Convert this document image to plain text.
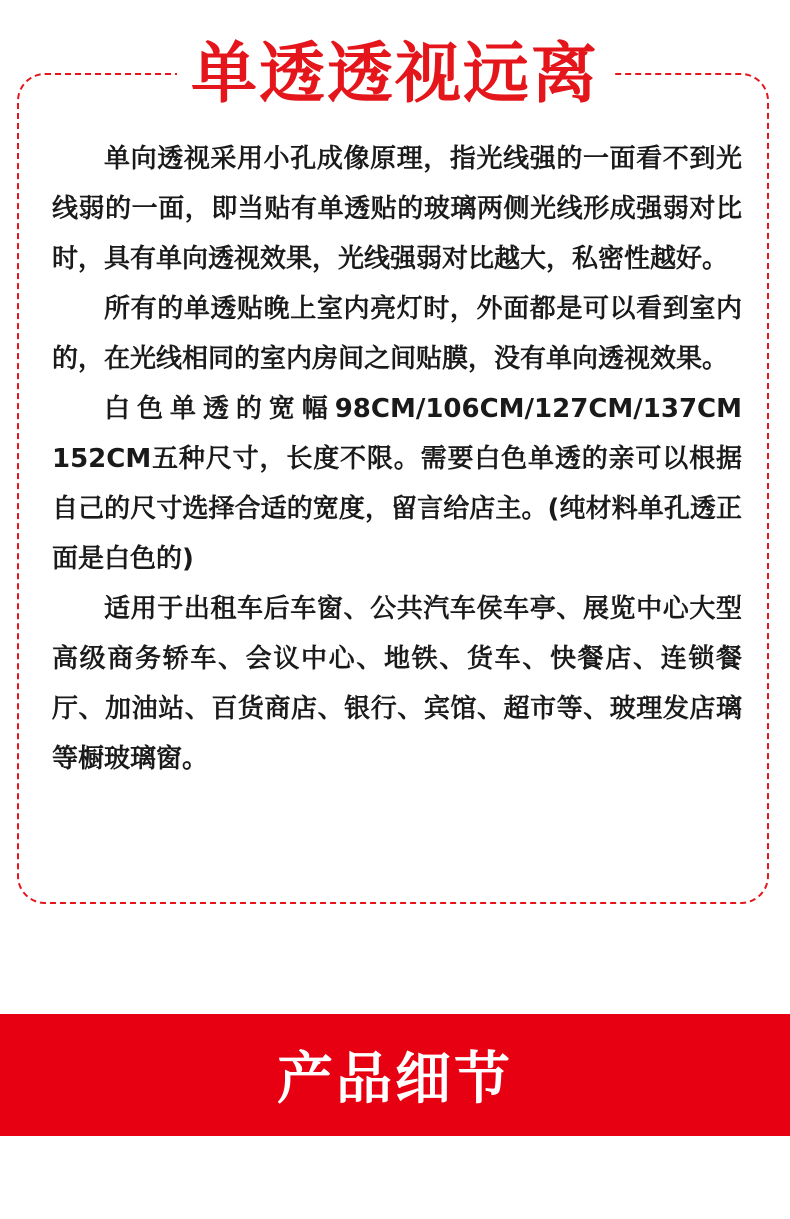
单透透视远离

单向透视采用小孔成像原理，指光线强的一面看不到光线弱的一面，即当贴有单透贴的玻璃两侧光线形成强弱对比时，具有单向透视效果，光线强弱对比越大，私密性越好。

所有的单透贴晚上室内亮灯时，外面都是可以看到室内的，在光线相同的室内房间之间贴膜，没有单向透视效果。

白色单透的宽幅98CM/106CM/127CM/137CM 152CM五种尺寸，长度不限。需要白色单透的亲可以根据自己的尺寸选择合适的宽度，留言给店主。(纯材料单孔透正面是白色的)

适用于出租车后车窗、公共汽车侯车亭、展览中心大型高级商务轿车、会议中心、地铁、货车、快餐店、连锁餐厅、加油站、百货商店、银行、宾馆、超市等、玻理发店璃等橱玻璃窗。

产品细节
